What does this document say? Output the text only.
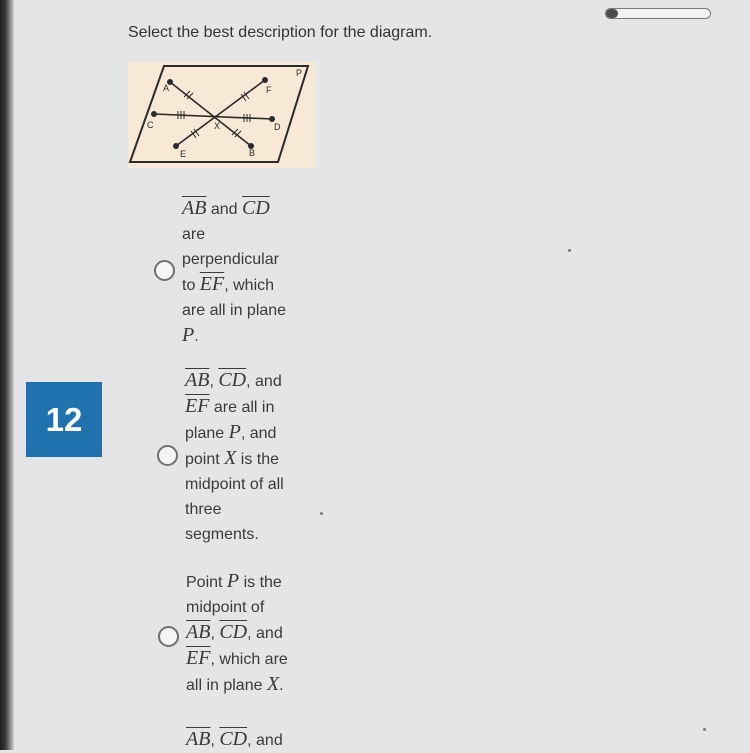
Select the best description for the diagram.
P
A	F
C	X	D
E	B
12
$\overline{AB}$ and $\overline{CD}$
are
perpendicular
to $\overline{EF}$, which
are all in plane
P.
$\overline{AB}$, $\overline{CD}$, and
$\overline{EF}$ are all in
plane P, and
point X is the
midpoint of all
three
segments.
Point P is the
midpoint of
$\overline{AB}$, $\overline{CD}$, and
$\overline{EF}$, which are
all in plane X.
$\overline{AB}$, $\overline{CD}$, and
